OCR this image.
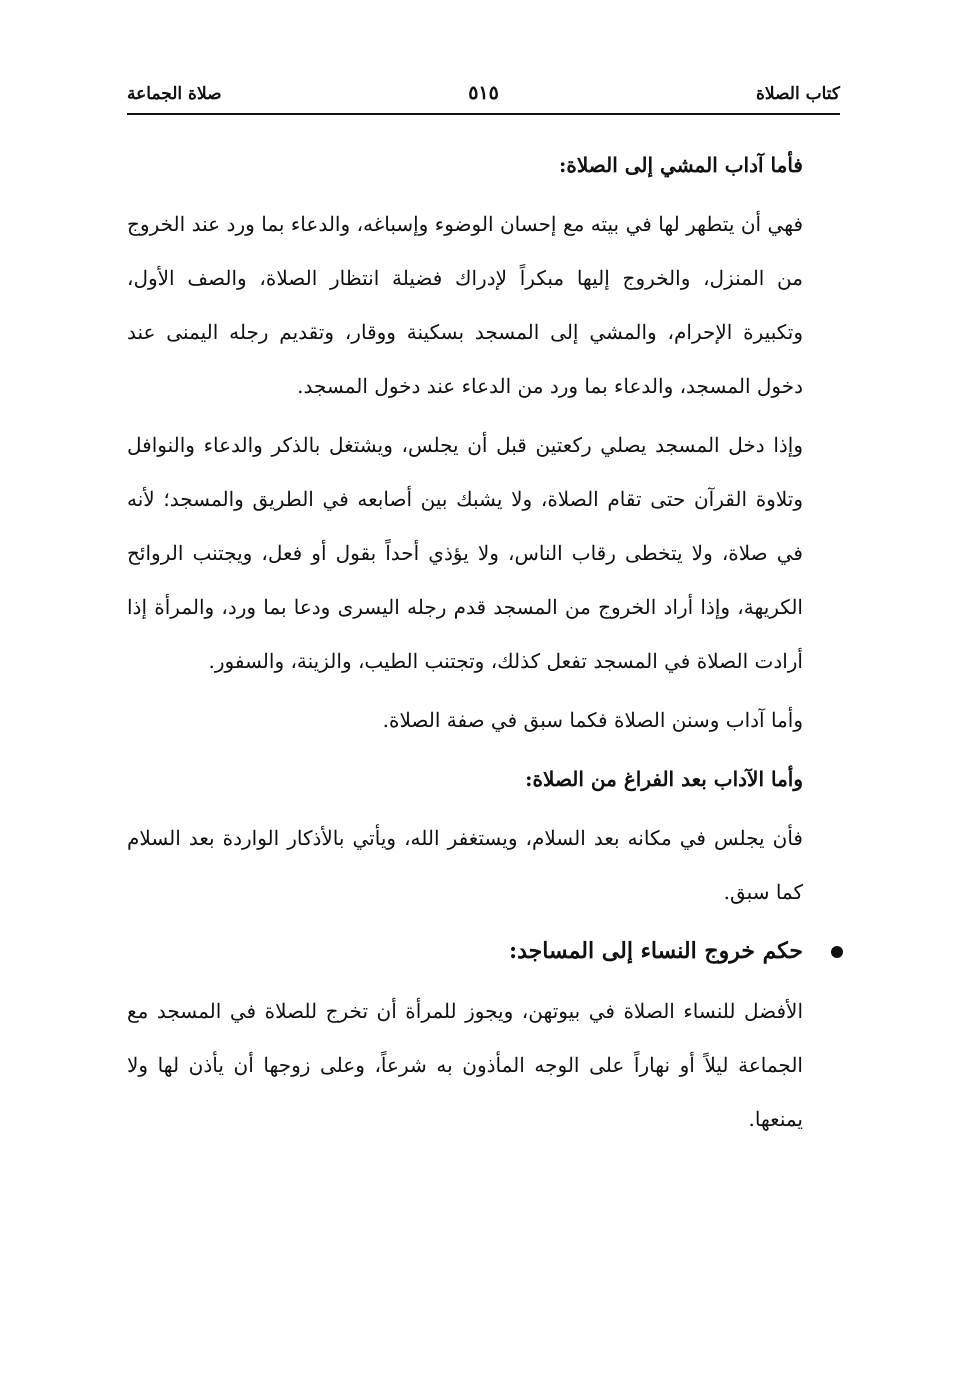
كتاب الصلاة
٥١٥
صلاة الجماعة
فأما آداب المشي إلى الصلاة:

فهي أن يتطهر لها في بيته مع إحسان الوضوء وإسباغه، والدعاء بما ورد عند الخروج من المنزل، والخروج إليها مبكراً لإدراك فضيلة انتظار الصلاة، والصف الأول، وتكبيرة الإحرام، والمشي إلى المسجد بسكينة ووقار، وتقديم رجله اليمنى عند دخول المسجد، والدعاء بما ورد من الدعاء عند دخول المسجد.

وإذا دخل المسجد يصلي ركعتين قبل أن يجلس، ويشتغل بالذكر والدعاء والنوافل وتلاوة القرآن حتى تقام الصلاة، ولا يشبك بين أصابعه في الطريق والمسجد؛ لأنه في صلاة، ولا يتخطى رقاب الناس، ولا يؤذي أحداً بقول أو فعل، ويجتنب الروائح الكريهة، وإذا أراد الخروج من المسجد قدم رجله اليسرى ودعا بما ورد، والمرأة إذا أرادت الصلاة في المسجد تفعل كذلك، وتجتنب الطيب، والزينة، والسفور.

وأما آداب وسنن الصلاة فكما سبق في صفة الصلاة.

وأما الآداب بعد الفراغ من الصلاة:

فأن يجلس في مكانه بعد السلام، ويستغفر الله، ويأتي بالأذكار الواردة بعد السلام كما سبق.

حكم خروج النساء إلى المساجد:

الأفضل للنساء الصلاة في بيوتهن، ويجوز للمرأة أن تخرج للصلاة في المسجد مع الجماعة ليلاً أو نهاراً على الوجه المأذون به شرعاً، وعلى زوجها أن يأذن لها ولا يمنعها.
